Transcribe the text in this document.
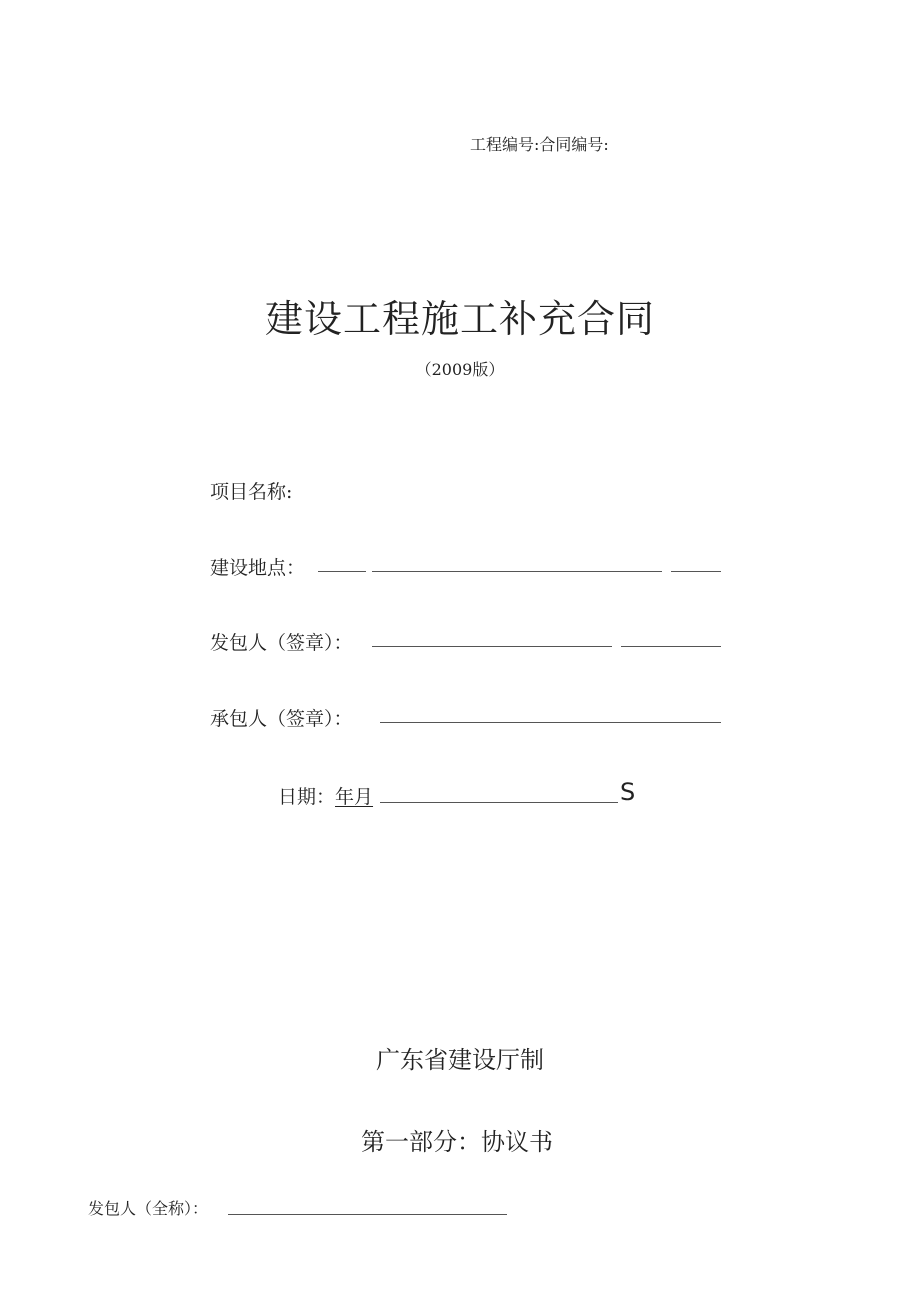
工程编号:合同编号:
建设工程施工补充合同
（2009版）
项目名称:
建设地点：
发包人（签章）：
承包人（签章）：
日期：年月	S
广东省建设厅制
第一部分：协议书
发包人（全称）：
